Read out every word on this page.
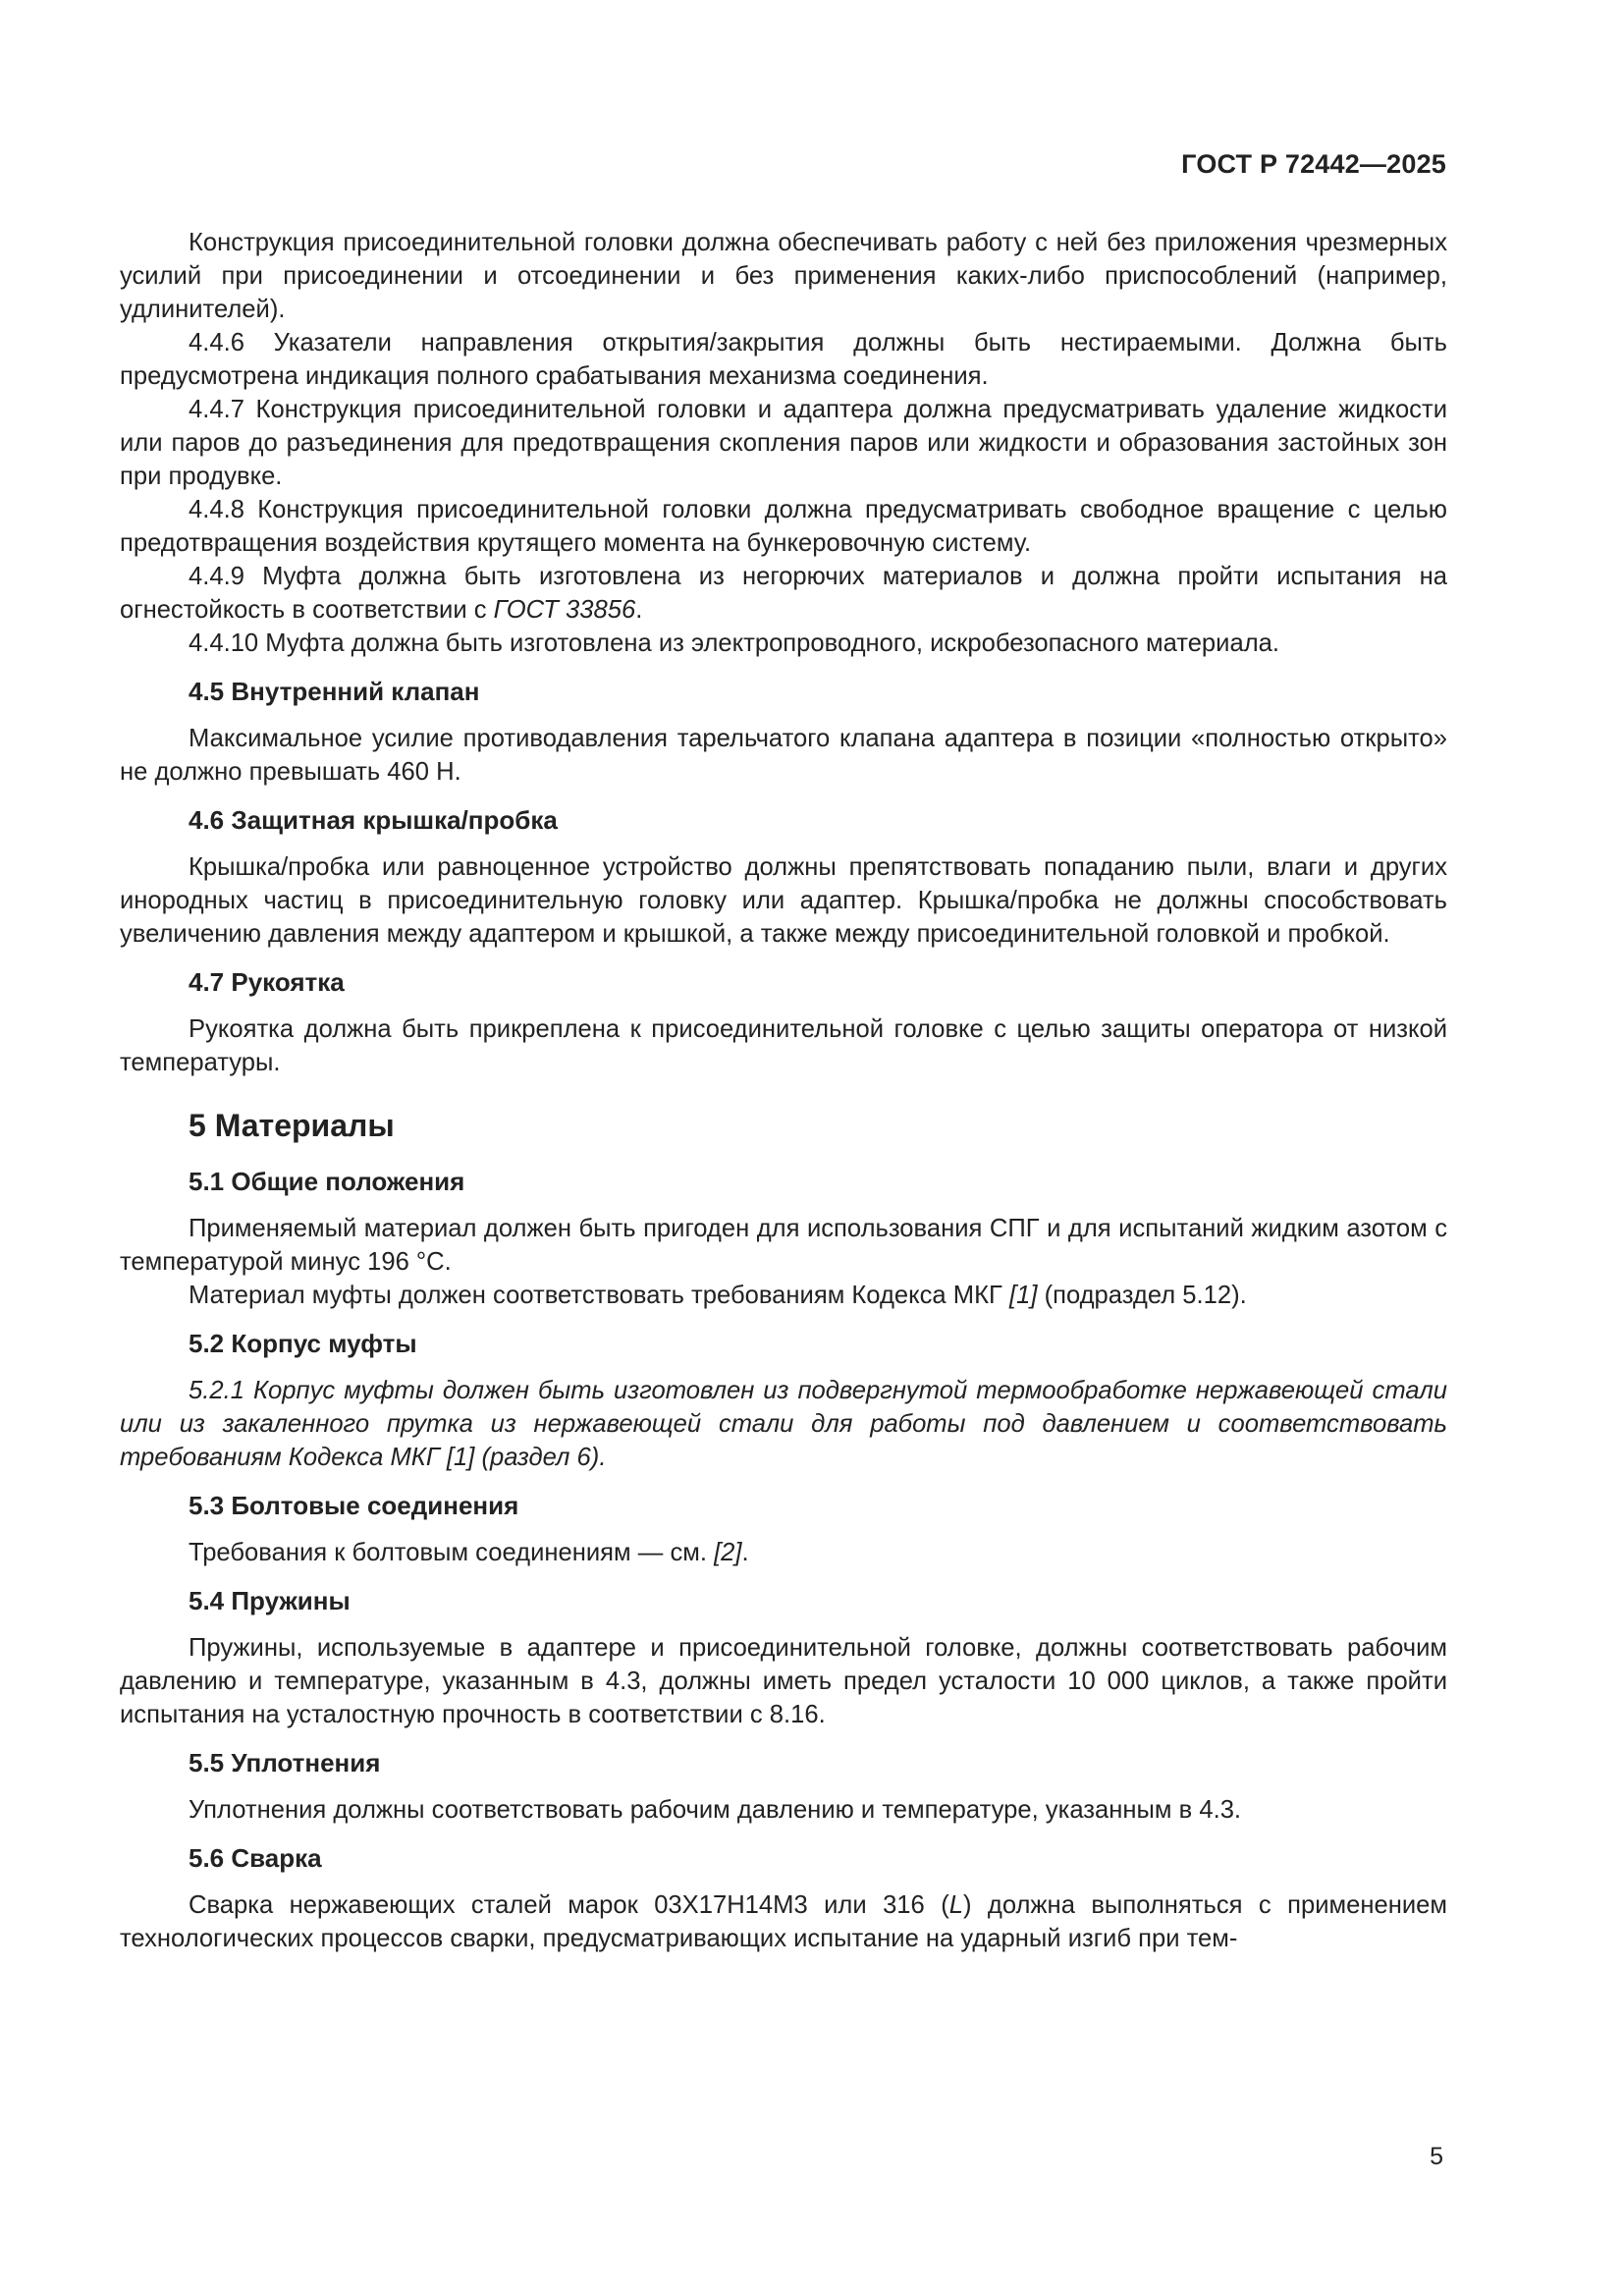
ГОСТ Р 72442—2025

Конструкция присоединительной головки должна обеспечивать работу с ней без приложения чрезмерных усилий при присоединении и отсоединении и без применения каких-либо приспособлений (например, удлинителей).

4.4.6 Указатели направления открытия/закрытия должны быть нестираемыми. Должна быть предусмотрена индикация полного срабатывания механизма соединения.

4.4.7 Конструкция присоединительной головки и адаптера должна предусматривать удаление жидкости или паров до разъединения для предотвращения скопления паров или жидкости и образования застойных зон при продувке.

4.4.8 Конструкция присоединительной головки должна предусматривать свободное вращение с целью предотвращения воздействия крутящего момента на бункеровочную систему.

4.4.9 Муфта должна быть изготовлена из негорючих материалов и должна пройти испытания на огнестойкость в соответствии с ГОСТ 33856.

4.4.10 Муфта должна быть изготовлена из электропроводного, искробезопасного материала.

4.5 Внутренний клапан

Максимальное усилие противодавления тарельчатого клапана адаптера в позиции «полностью открыто» не должно превышать 460 Н.

4.6 Защитная крышка/пробка

Крышка/пробка или равноценное устройство должны препятствовать попаданию пыли, влаги и других инородных частиц в присоединительную головку или адаптер. Крышка/пробка не должны способствовать увеличению давления между адаптером и крышкой, а также между присоединительной головкой и пробкой.

4.7 Рукоятка

Рукоятка должна быть прикреплена к присоединительной головке с целью защиты оператора от низкой температуры.

5 Материалы
5.1 Общие положения

Применяемый материал должен быть пригоден для использования СПГ и для испытаний жидким азотом с температурой минус 196 °С.

Материал муфты должен соответствовать требованиям Кодекса МКГ [1] (подраздел 5.12).

5.2 Корпус муфты

5.2.1 Корпус муфты должен быть изготовлен из подвергнутой термообработке нержавеющей стали или из закаленного прутка из нержавеющей стали для работы под давлением и соответствовать требованиям Кодекса МКГ [1] (раздел 6).

5.3 Болтовые соединения

Требования к болтовым соединениям — см. [2].

5.4 Пружины

Пружины, используемые в адаптере и присоединительной головке, должны соответствовать рабочим давлению и температуре, указанным в 4.3, должны иметь предел усталости 10 000 циклов, а также пройти испытания на усталостную прочность в соответствии с 8.16.

5.5 Уплотнения

Уплотнения должны соответствовать рабочим давлению и температуре, указанным в 4.3.

5.6 Сварка

Сварка нержавеющих сталей марок 03Х17Н14М3 или 316 (L) должна выполняться с применением технологических процессов сварки, предусматривающих испытание на ударный изгиб при тем-

5
